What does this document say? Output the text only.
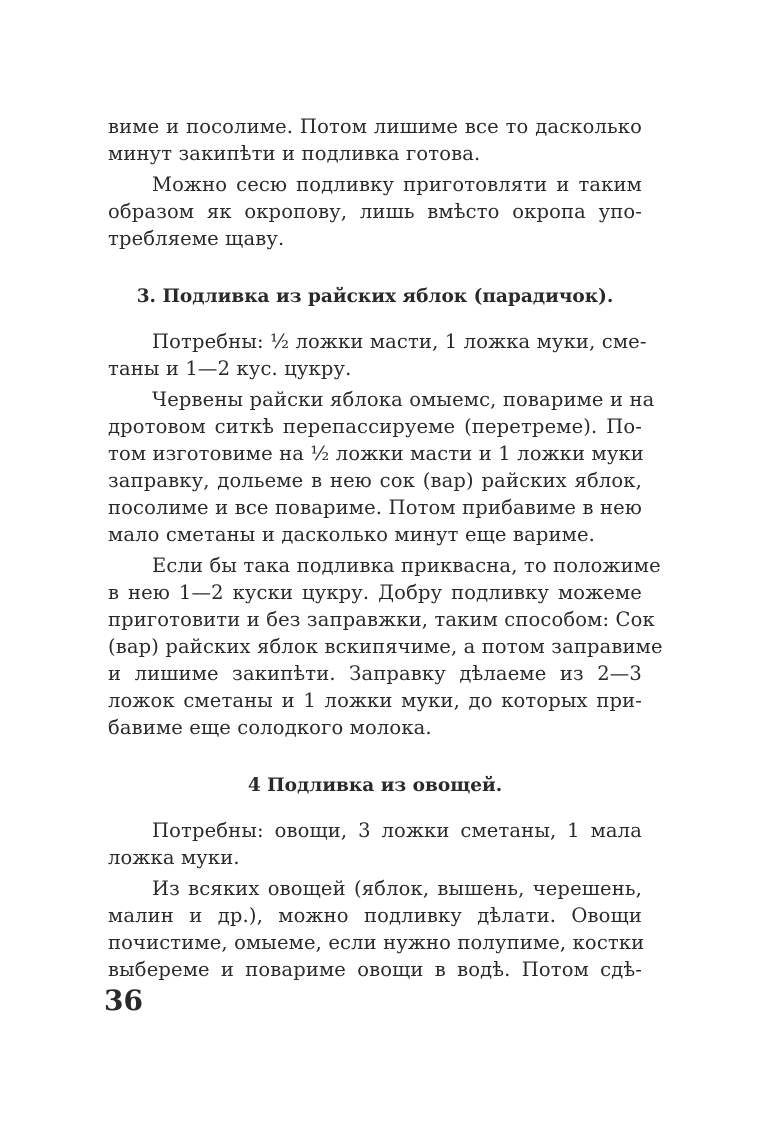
виме и посолиме. Потом лишиме все то дасколько
минут закипѣти и подливка готова.
Можно сесю подливку приготовляти и таким
образом як окропову, лишь вмѣсто окропа упо-
требляеме щаву.
3. Подливка из райских яблок (парадичок).
Потребны: ½ ложки масти, 1 ложка муки, сме-
таны и 1—2 кус. цукру.
Червены райски яблока омыемс, повариме и на
дротовом ситкѣ перепассируеме (перетреме). По-
том изготовиме на ½ ложки масти и 1 ложки муки
заправку, дольеме в нею сок (вар) райских яблок,
посолиме и все повариме. Потом прибавиме в нею
мало сметаны и дасколько минут еще вариме.
Если бы така подливка прикваснa, то положиме
в нею 1—2 куски цукру. Добру подливку можеме
приготовити и без заправжки, таким способом: Сок
(вар) райских яблок вскипячиме, а потом заправиме
и лишиме закипѣти. Заправку дѣлаеме из 2—3
ложок сметаны и 1 ложки муки, до которых при-
бавиме еще солодкого молока.
4 Подливка из овощей.
Потребны: овощи, 3 ложки сметаны, 1 мала
ложка муки.
Из всяких овощей (яблок, вышень, черешень,
малин и др.), можно подливку дѣлати. Овощи
почистиме, омыеме, если нужно полупиме, костки
выбереме и повариме овощи в водѣ. Потом сдѣ-
36
